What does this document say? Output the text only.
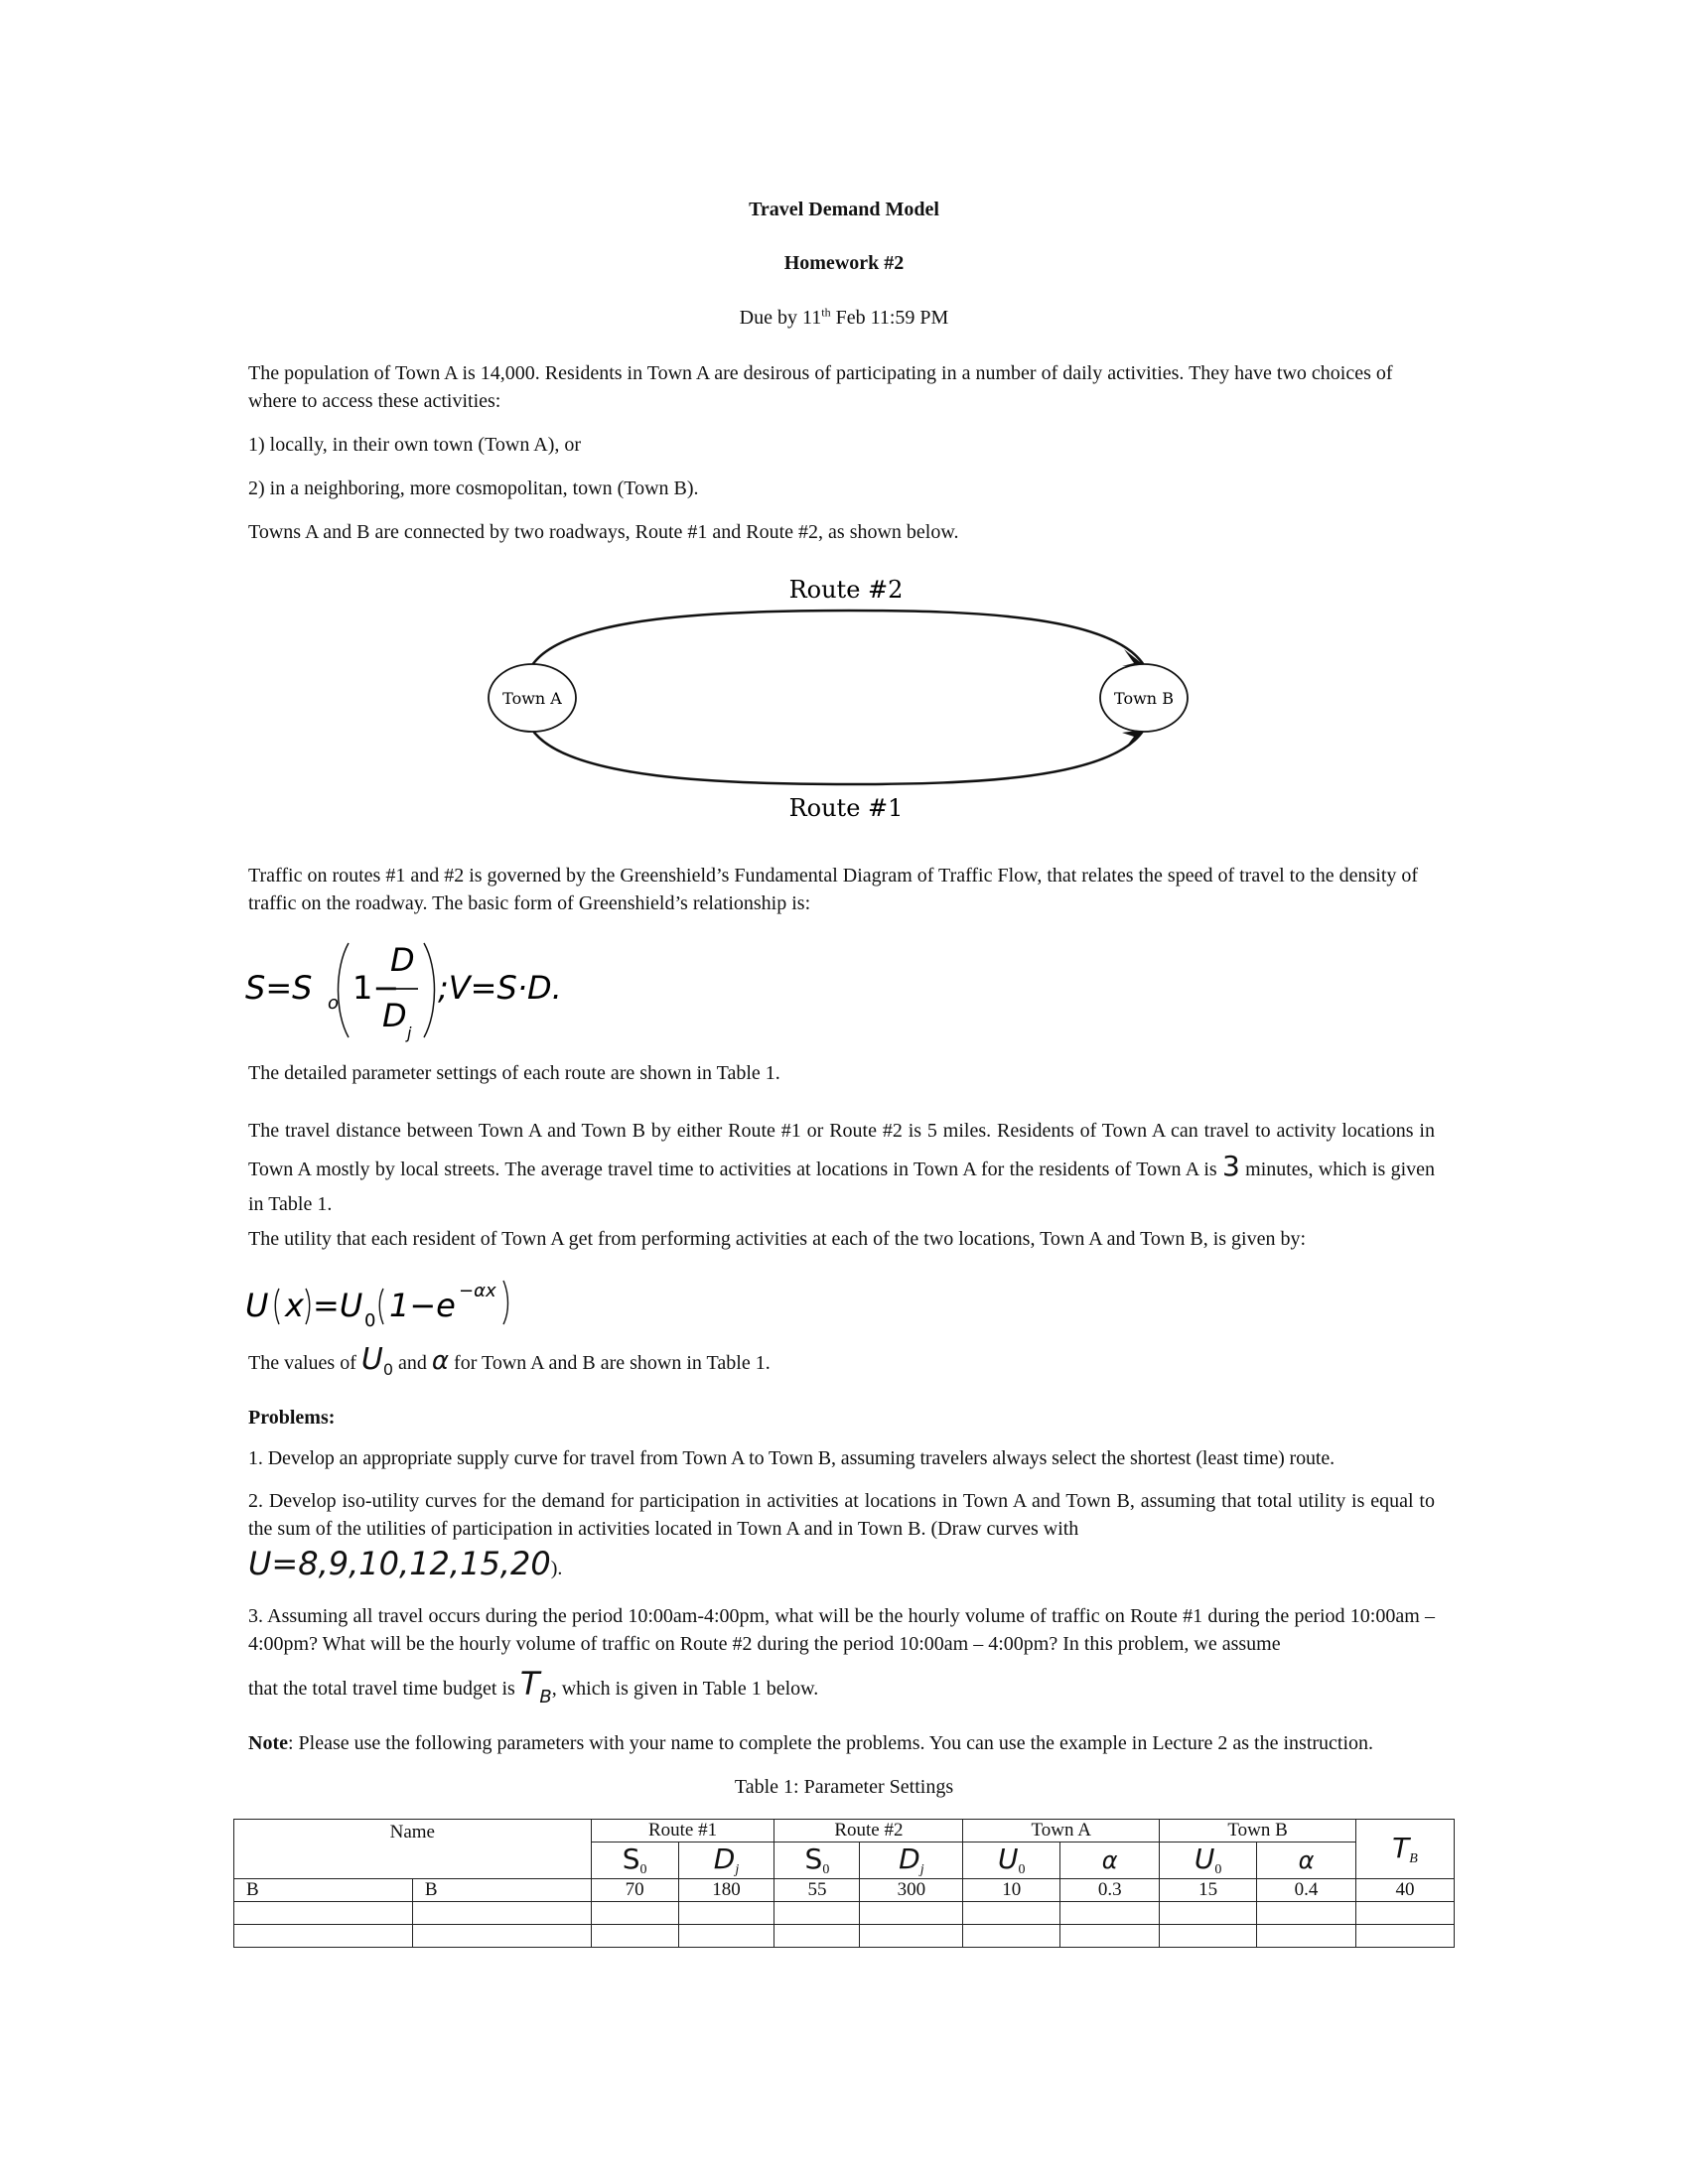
Travel Demand Model
Homework #2
Due by 11th Feb 11:59 PM
The population of Town A is 14,000. Residents in Town A are desirous of participating in a number of daily activities. They have two choices of where to access these activities:
1) locally, in their own town (Town A), or
2) in a neighboring, more cosmopolitan, town (Town B).
Towns A and B are connected by two roadways, Route #1 and Route #2, as shown below.
Town A	Town B
Route #2
Route #1
Traffic on routes #1 and #2 is governed by the Greenshield’s Fundamental Diagram of Traffic Flow, that relates the speed of travel to the density of traffic on the roadway. The basic form of Greenshield’s relationship is:
S=S o 1−
D
D j
;V=S·D.
The detailed parameter settings of each route are shown in Table 1.
The travel distance between Town A and Town B by either Route #1 or Route #2 is 5 miles. Residents of Town A can travel to activity locations in Town A mostly by local streets. The average travel time to activities at locations in Town A for the residents of Town A is 3 minutes, which is given in Table 1.
The utility that each resident of Town A get from performing activities at each of the two locations, Town A and Town B, is given by:
U x =U 0 1−e −αx
The values of $U_0$ and α for Town A and B are shown in Table 1.
Problems:
1. Develop an appropriate supply curve for travel from Town A to Town B, assuming travelers always select the shortest (least time) route.
2. Develop iso-utility curves for the demand for participation in activities at locations in Town A and Town B, assuming that total utility is equal to the sum of the utilities of participation in activities located in Town A and in Town B. (Draw curves with
U=8,9,10,12,15,20).
3. Assuming all travel occurs during the period 10:00am-4:00pm, what will be the hourly volume of traffic on Route #1 during the period 10:00am – 4:00pm? What will be the hourly volume of traffic on Route #2 during the period 10:00am – 4:00pm? In this problem, we assume
that the total travel time budget is TB, which is given in Table 1 below.
Note: Please use the following parameters with your name to complete the problems. You can use the example in Lecture 2 as the instruction.
Table 1: Parameter Settings
Name		Route #1		Route #2		Town A		Town B		$T_B$
		$S_0$	$D_j$	$S_0$	$D_j$	$U_0$	α	$U_0$	α	
B	B	70	180	55	300	10	0.3	15	0.4	40
